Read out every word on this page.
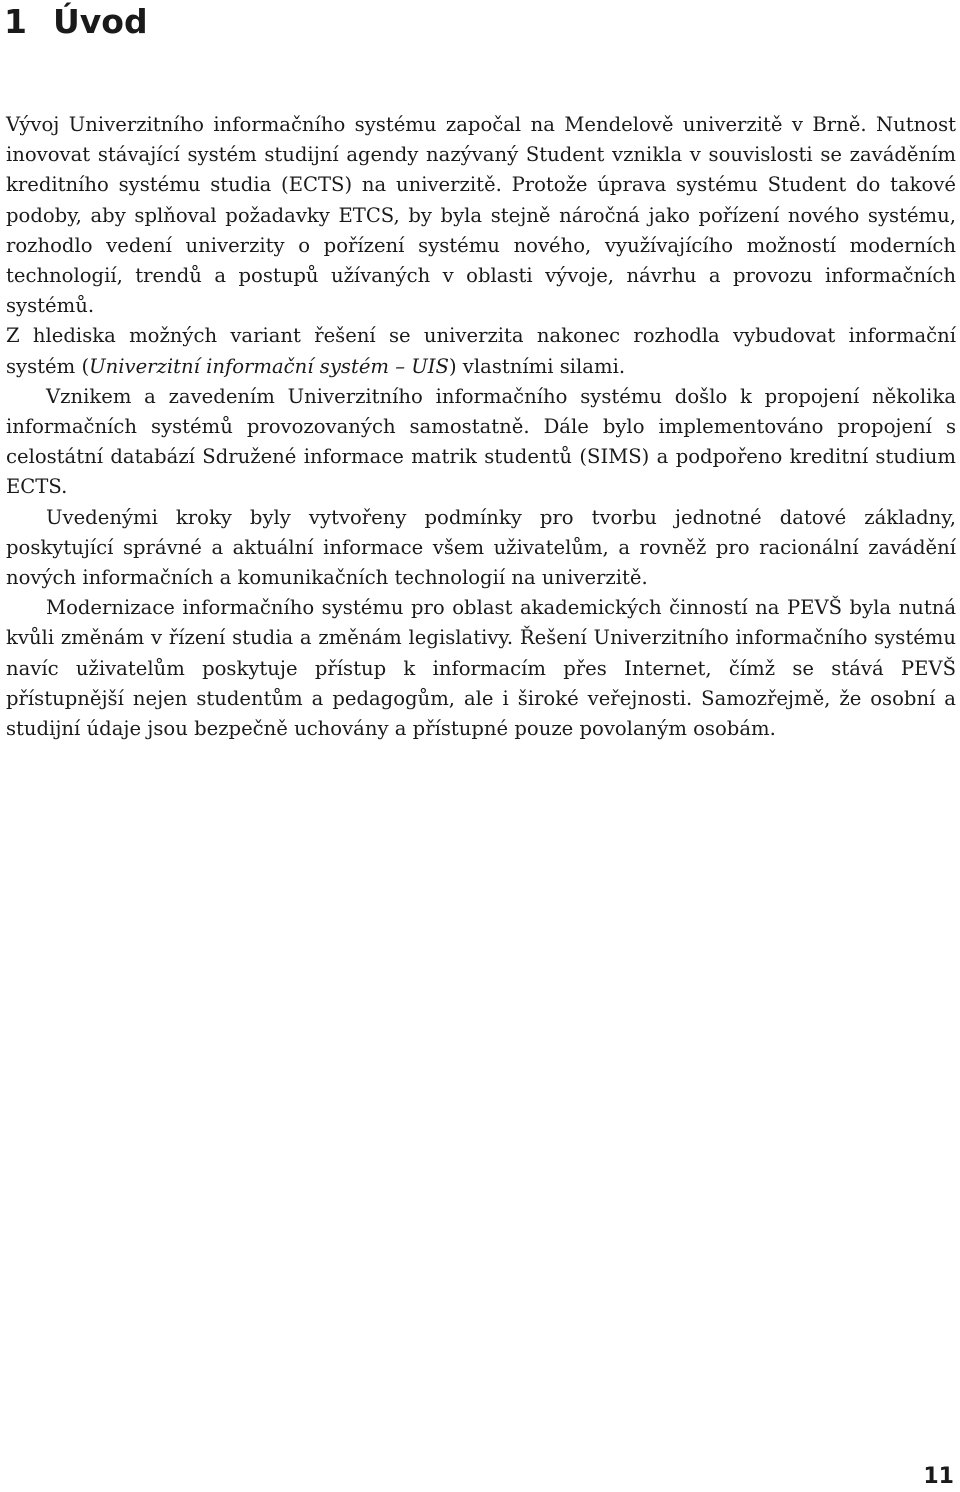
1 Úvod

Vývoj Univerzitního informačního systému započal na Mendelově univerzitě v Brně. Nutnost inovovat stávající systém studijní agendy nazývaný Student vznikla v souvislosti se zaváděním kreditního systému studia (ECTS) na univerzitě. Protože úprava systému Student do takové podoby, aby splňoval požadavky ETCS, by byla stejně náročná jako pořízení nového systému, rozhodlo vedení univerzity o pořízení systému nového, využívajícího možností moderních technologií, trendů a postupů užívaných v oblasti vývoje, návrhu a provozu informačních systémů.

Z hlediska možných variant řešení se univerzita nakonec rozhodla vybudovat informační systém (Univerzitní informační systém – UIS) vlastními silami.

Vznikem a zavedením Univerzitního informačního systému došlo k propojení několika informačních systémů provozovaných samostatně. Dále bylo implementováno propojení s celostátní databází Sdružené informace matrik studentů (SIMS) a podpořeno kreditní studium ECTS.

Uvedenými kroky byly vytvořeny podmínky pro tvorbu jednotné datové základny, poskytující správné a aktuální informace všem uživatelům, a rovněž pro racionální zavádění nových informačních a komunikačních technologií na univerzitě.

Modernizace informačního systému pro oblast akademických činností na PEVŠ byla nutná kvůli změnám v řízení studia a změnám legislativy. Řešení Univerzitního informačního systému navíc uživatelům poskytuje přístup k informacím přes Internet, čímž se stává PEVŠ přístupnější nejen studentům a pedagogům, ale i široké veřejnosti. Samozřejmě, že osobní a studijní údaje jsou bezpečně uchovány a přístupné pouze povolaným osobám.

11
